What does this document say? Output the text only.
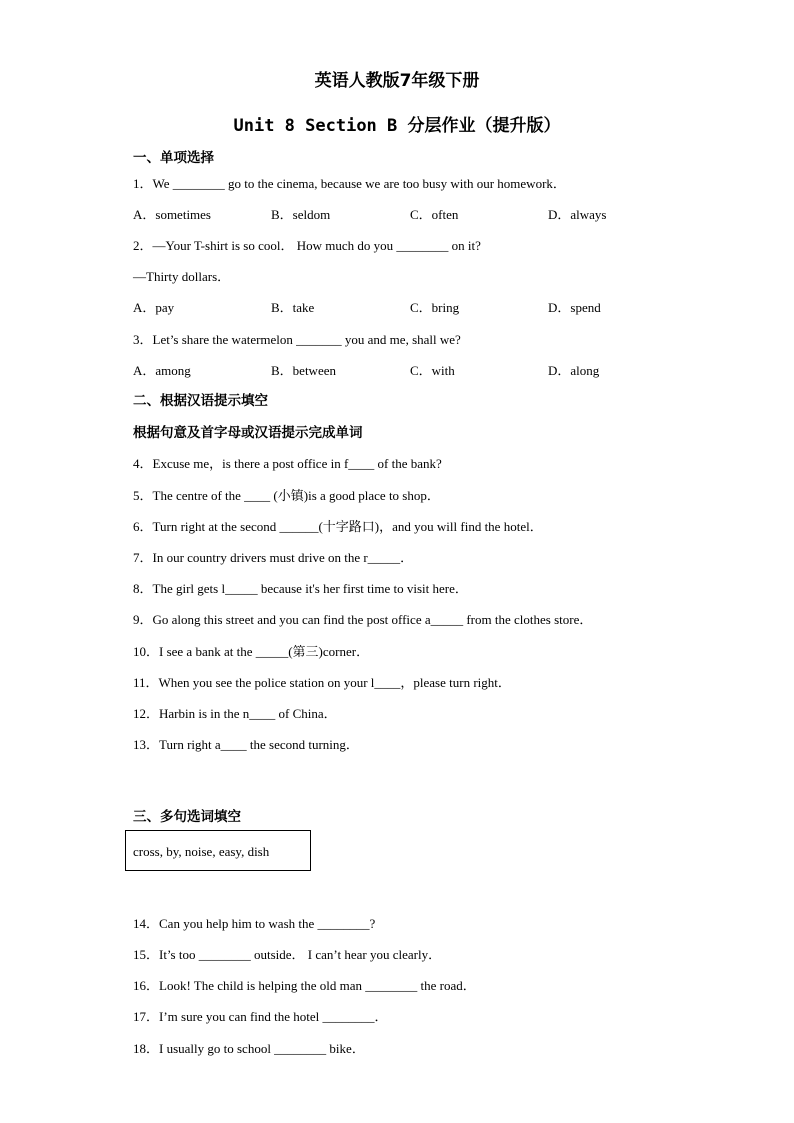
英语人教版7年级下册
Unit 8 Section B 分层作业（提升版）
一、单项选择
1．We ________ go to the cinema, because we are too busy with our homework．
A．sometimes	B．seldom	C．often	D．always
2．—Your T-shirt is so cool． How much do you ________ on it?
—Thirty dollars．
A．pay	B．take	C．bring	D．spend
3．Let’s share the watermelon _______ you and me, shall we?
A．among	B．between	C．with	D．along
二、根据汉语提示填空
根据句意及首字母或汉语提示完成单词
4．Excuse me，is there a post office in f____ of the bank?
5．The centre of the ____ (小镇)is a good place to shop．
6．Turn right at the second ______(十字路口)，and you will find the hotel．
7．In our country drivers must drive on the r_____．
8．The girl gets l_____ because it's her first time to visit here．
9．Go along this street and you can find the post office a_____ from the clothes store．
10．I see a bank at the _____(第三)corner．
11．When you see the police station on your l____，please turn right．
12．Harbin is in the n____ of China．
13．Turn right a____ the second turning．
三、多句选词填空
cross, by, noise, easy, dish
14．Can you help him to wash the ________?
15．It’s too ________ outside． I can’t hear you clearly．
16．Look! The child is helping the old man ________ the road．
17．I’m sure you can find the hotel ________．
18．I usually go to school ________ bike．
